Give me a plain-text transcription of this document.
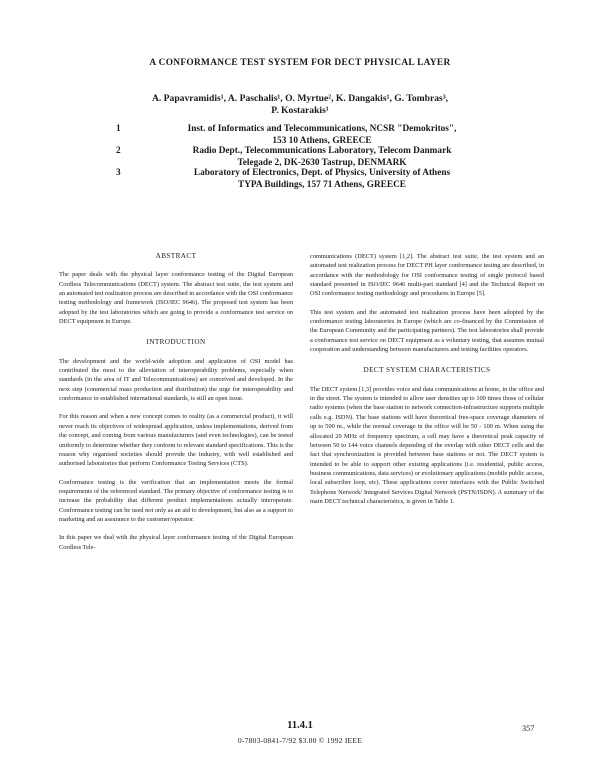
A CONFORMANCE TEST SYSTEM FOR DECT PHYSICAL LAYER
A. Papavramidis¹, A. Paschalis¹, O. Myrtue², K. Dangakis¹, G. Tombras³,
P. Kostarakis¹
1	Inst. of Informatics and Telecommunications, NCSR "Demokritos",
153 10 Athens, GREECE
2	Radio Dept., Telecommunications Laboratory, Telecom Danmark
Telegade 2, DK-2630 Tastrup, DENMARK
3	Laboratory of Electronics, Dept. of Physics, University of Athens
TYPA Buildings, 157 71 Athens, GREECE
ABSTRACT

The paper deals with the physical layer conformance testing of the Digital European Cordless Telecommunications (DECT) system. The abstract test suite, the test system and an automated test realization process are described in accordance with the OSI conformance testing methodology and framework (ISO/IEC 9646). The proposed test system has been adopted by the test laboratories which are going to provide a conformance test service on DECT equipment in Europe.

INTRODUCTION

The development and the world-wide adoption and application of OSI model has contributed the most to the alleviation of interoperability problems, especially when standards (in the area of IT and Telecommunications) are conceived and developed. In the next step (commercial mass production and distribution) the urge for interoperability and conformance to established international standards, is still an open issue.

For this reason and when a new concept comes to reality (as a commercial product), it will never reach its objectives of widespread application, unless implementations, derived from the concept, and coming from various manufacturers (and even technologies), can be tested uniformly to determine whether they conform to relevant standard specifications. This is the reason why organised societies should provide the industry, with well established and authorised laboratories that perform Conformance Testing Services (CTS).

Conformance testing is the verification that an implementation meets the formal requirements of the referenced standard. The primary objective of conformance testing is to increase the probability that different product implementations actually interoperate. Conformance testing can be used not only as an aid to development, but also as a support to marketing and an assurance to the customer/operator.

In this paper we deal with the physical layer conformance testing of the Digital European Cordless Tele-

communications (DECT) system [1,2]. The abstract test suite, the test system and an automated test realization process for DECT PH layer conformance testing are described, in accordance with the methodology for OSI conformance testing of single protocol based standard presented in ISO/IEC 9646 multi-part standard [4] and the Technical Report on OSI conformance testing methodology and procedures in Europe [5].

This test system and the automated test realization process have been adopted by the conformance testing laboratories in Europe (which are co-financed by the Commission of the European Community and the participating partners). The test laboratories shall provide a conformance test service on DECT equipment as a voluntary testing, that assumes mutual cooperation and understanding between manufacturers and testing facilities operators.

DECT SYSTEM CHARACTERISTICS

The DECT system [1,3] provides voice and data communications at home, in the office and in the street. The system is intended to allow user densities up to 100 times those of cellular radio systems (when the base station to network connection-infrastructure supports multiple calls e.g. ISDN). The base stations will have theoretical free-space coverage diameters of up to 500 m., while the normal coverage in the office will be 50 - 100 m. When using the allocated 20 MHz of frequency spectrum, a cell may have a theoretical peak capacity of between 50 to 144 voice channels depending of the overlap with other DECT cells and the fact that synchronization is provided between base stations or not. The DECT system is intended to be able to support other existing applications (i.e. residential, public access, business communications, data services) or evolutionary applications (mobile public access, local subscriber loop, etc). These applications cover interfaces with the Public Switched Telephone Network/ Integrated Services Digital Network (PSTN/ISDN). A summary of the main DECT technical characteristics, is given in Table 1.

11.4.1
0-7803-0841-7/92 $3.00 © 1992 IEEE
357
